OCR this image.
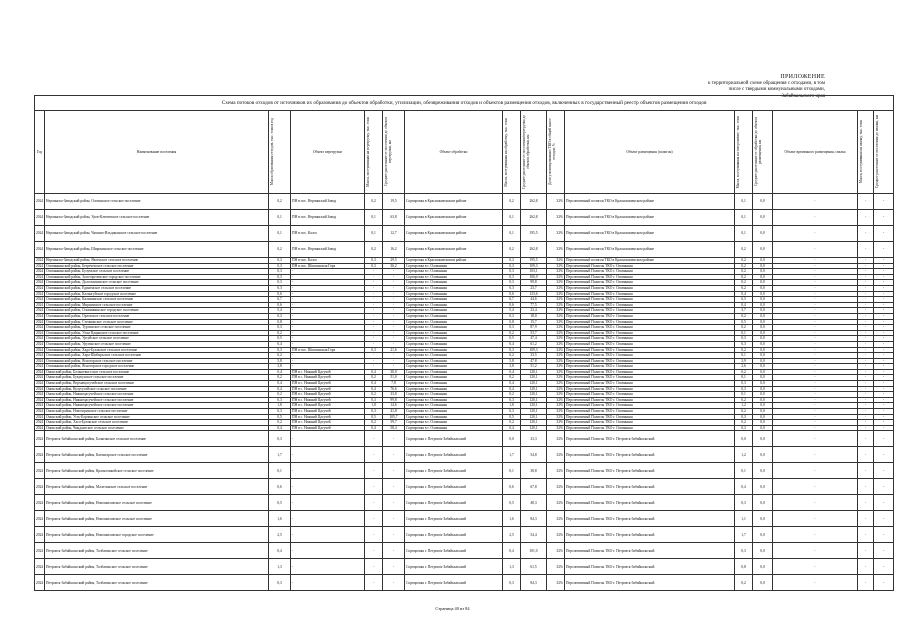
ПРИЛОЖЕНИЕ
к территориальной схеме обращения с отходами, в том
числе с твердыми коммунальными отходами,
Забайкальского края
Схема потоков отходов от источников их образования до объектов обработки, утилизации, обезвреживания отходов и объектов размещения отходов, включенных в государственный реестр объектов размещения отходов															

Год	Наименование поселения	Масса образования отходов, тыс. тонн в год	Объект перегрузки	Масса, поступившая на перегрузку, тыс. тонн	Среднее расстояние от поселения до объекта перегрузки, км	Объект обработки	Масса, поступившая на обработку, тыс. тонн	Среднее расстояние от поселения/перегрузки до объекта обработки, км	Доля утилизированных ТКО в общей массе отходов, %	Объект размещения (полигон)	Масса, поступившая на захоронение, тыс. тонн	Среднее расстояние от обработки до объекта размещения, км	Объект временного размещения, свалка	Масса, поступившая на свалку, тыс. тонн	Среднее расстояние от поселения до свалки, км

2024	Нерчинско-Заводский район, Олочинское сельское поселение	0,2	ПН в пос. Нерчинский Завод	0,2	19,5	Сортировка в Краснокаменском районе	0,2	262,8	32%	Перспективный полигон ТКО в Краснокаменском районе	0,1	0,0	-	-	-
2024	Нерчинско-Заводский район, Уров-Ключевское сельское поселение	0,1	ПН в пос. Нерчинский Завод	0,1	63,8	Сортировка в Краснокаменском районе	0,1	262,8	32%	Перспективный полигон ТКО в Краснокаменском районе	0,1	0,0	-	-	-
2024	Нерчинско-Заводский район, Чашино-Ильдиканское сельское поселение	0,1	ПН в пос. Калга	0,1	12,7	Сортировка в Краснокаменском районе	0,1	195,5	32%	Перспективный полигон ТКО в Краснокаменском районе	0,1	0,0	-	-	-
2024	Нерчинско-Заводский район, Широкинское сельское поселение	0,2	ПН в пос. Нерчинский Завод	0,2	16,2	Сортировка в Краснокаменском районе	0,2	262,8	32%	Перспективный полигон ТКО в Краснокаменском районе	0,2	0,0	-	-	-
2024	Нерчинско-Заводский район, Явленское сельское поселение	0,3	ПН в пос. Калга	0,3	29,5	Сортировка в Краснокаменском районе	0,3	195,5	32%	Перспективный полигон ТКО в Краснокаменском районе	0,2	0,0	-	-	-
2024	Оловяннинский район, Безреченское сельское поселение	0,3	ПН в пос. Шилкинская Гора	0,3	36,2	Сортировка в г. Оловянная	0,3	109,3	32%	Перспективный Полигон ТКО г. Оловянная	0,2	0,0	-	-	-
2024	Оловяннинский район, Булумское сельское поселение	0,3	-	-	-	Сортировка в г. Оловянная	0,3	103,1	32%	Перспективный Полигон ТКО г. Оловянная	0,2	0,0	-	-	-
2024	Оловяннинский район, Золотореченское городское поселение	0,3	-	-	-	Сортировка в г. Оловянная	0,3	106,9	32%	Перспективный Полигон ТКО г. Оловянная	0,2	0,0	-	-	-
2024	Оловяннинский район, Долгокычинское сельское поселение	0,3	-	-	-	Сортировка в г. Оловянная	0,3	99,8	32%	Перспективный Полигон ТКО г. Оловянная	0,2	0,0	-	-	-
2024	Оловяннинский район, Единенское сельское поселение	0,3	-	-	-	Сортировка в г. Оловянная	0,3	23,7	32%	Перспективный Полигон ТКО г. Оловянная	0,2	0,0	-	-	-
2024	Оловяннинский район, Калангуйское городское поселение	0,6	-	-	-	Сортировка в г. Оловянная	0,6	123,6	32%	Перспективный Полигон ТКО г. Оловянная	0,4	0,0	-	-	-
2024	Оловяннинский район, Калининское сельское поселение	0,7	-	-	-	Сортировка в г. Оловянная	0,7	44,6	32%	Перспективный Полигон ТКО г. Оловянная	0,5	0,0	-	-	-
2024	Оловяннинский район, Мирнинское сельское поселение	0,6	-	-	-	Сортировка в г. Оловянная	0,6	77,5	32%	Перспективный Полигон ТКО г. Оловянная	0,4	0,0	-	-	-
2024	Оловяннинский район, Оловяннинское городское поселение	5,4	-	-	-	Сортировка в г. Оловянная	5,4	23,4	32%	Перспективный Полигон ТКО г. Оловянная	3,7	0,0	-	-	-
2024	Оловяннинский район, Орловское сельское поселение	0,3	-	-	-	Сортировка в г. Оловянная	0,3	18,0	32%	Перспективный Полигон ТКО г. Оловянная	0,2	0,0	-	-	-
2024	Оловяннинский район, Степнинское сельское поселение	0,8	-	-	-	Сортировка в г. Оловянная	0,8	15,7	32%	Перспективный Полигон ТКО г. Оловянная	0,5	0,0	-	-	-
2024	Оловяннинский район, Тургинское сельское поселение	0,3	-	-	-	Сортировка в г. Оловянная	0,3	87,9	32%	Перспективный Полигон ТКО г. Оловянная	0,2	0,0	-	-	-
2024	Оловяннинский район, Улан-Цацыкское сельское поселение	0,2	-	-	-	Сортировка в г. Оловянная	0,2	53,7	32%	Перспективный Полигон ТКО г. Оловянная	0,1	0,0	-	-	-
2024	Оловяннинский район, Уртуйское сельское поселение	0,5	-	-	-	Сортировка в г. Оловянная	0,5	47,4	32%	Перспективный Полигон ТКО г. Оловянная	0,3	0,0	-	-	-
2024	Оловяннинский район, Уругинское сельское поселение	0,4	-	-	-	Сортировка в г. Оловянная	0,4	61,2	32%	Перспективный Полигон ТКО г. Оловянная	0,3	0,0	-	-	-
2024	Оловяннинский район, Хада-Булакское сельское поселение	0,3	ПН в пос. Шилкинская Гора	0,3	21,6	Сортировка в г. Оловянная	0,3	109,3	32%	Перспективный Полигон ТКО г. Оловянная	0,2	0,0	-	-	-
2024	Оловяннинский район, Хара-Шибирьское сельское поселение	0,2	-	-	-	Сортировка в г. Оловянная	0,2	33,5	32%	Перспективный Полигон ТКО г. Оловянная	0,1	0,0	-	-	-
2024	Оловяннинский район, Ясногорское сельское поселение	5,8	-	-	-	Сортировка в г. Оловянная	5,8	47,8	32%	Перспективный Полигон ТКО г. Оловянная	3,9	0,0	-	-	-
2024	Оловяннинский район, Ясногорское городское поселение	3,8	-	-	-	Сортировка в г. Оловянная	3,8	51,2	32%	Перспективный Полигон ТКО г. Оловянная	2,6	0,0	-	-	-
2024	Ононский район, Большевистское сельское поселение	0,4	ПН в с. Нижний Цасучей	0,4	30,0	Сортировка в г. Оловянная	0,4	120,1	32%	Перспективный Полигон ТКО г. Оловянная	0,2	0,0	-	-	-
2024	Ононский район, Букукунское сельское поселение	0,2	ПН в с. Нижний Цасучей	0,2	51,0	Сортировка в г. Оловянная	0,2	120,1	32%	Перспективный Полигон ТКО г. Оловянная	0,1	0,0	-	-	-
2024	Ононский район, Верхнецасучейское сельское поселение	0,4	ПН в с. Нижний Цасучей	0,4	7,8	Сортировка в г. Оловянная	0,4	120,1	32%	Перспективный Полигон ТКО г. Оловянная	0,3	0,0	-	-	-
2024	Ононский район, Кулусутайское сельское поселение	0,4	ПН в с. Нижний Цасучей	0,4	76,6	Сортировка в г. Оловянная	0,4	120,1	32%	Перспективный Полигон ТКО г. Оловянная	0,3	0,0	-	-	-
2024	Ононский район, Нижнецасучейское сельское поселение	0,2	ПН в с. Нижний Цасучей	0,2	33,8	Сортировка в г. Оловянная	0,2	120,1	32%	Перспективный Полигон ТКО г. Оловянная	0,1	0,0	-	-	-
2024	Ононский район, Нижнецасучейское сельское поселение	0,3	ПН в с. Нижний Цасучей	0,3	99,8	Сортировка в г. Оловянная	0,3	120,1	32%	Перспективный Полигон ТКО г. Оловянная	0,2	0,0	-	-	-
2024	Ононский район, Нижнецасучейское сельское поселение	1,8	ПН в с. Нижний Цасучей	1,8	14,6	Сортировка в г. Оловянная	1,8	120,1	32%	Перспективный Полигон ТКО г. Оловянная	1,2	0,0	-	-	-
2024	Ононский район, Новозоринское сельское поселение	0,3	ПН в с. Нижний Цасучей	0,3	41,8	Сортировка в г. Оловянная	0,3	120,1	32%	Перспективный Полигон ТКО г. Оловянная	0,2	0,0	-	-	-
2024	Ононский район, Усть-Борзинское сельское поселение	0,5	ПН в с. Нижний Цасучей	0,5	105,7	Сортировка в г. Оловянная	0,5	120,1	32%	Перспективный Полигон ТКО г. Оловянная	0,3	0,0	-	-	-
2024	Ононский район, Хаса-Булакское сельское поселение	0,2	ПН в с. Нижний Цасучей	0,2	59,7	Сортировка в г. Оловянная	0,2	120,1	32%	Перспективный Полигон ТКО г. Оловянная	0,2	0,0	-	-	-
2024	Ононский район, Чиндантское сельское поселение	0,4	ПН в с. Нижний Цасучей	0,4	58,4	Сортировка в г. Оловянная	0,4	120,1	32%	Перспективный Полигон ТКО г. Оловянная	0,3	0,0	-	-	-
2024	Петровск-Забайкальский район, Балягинское сельское поселение	0,3	-	-	-	Сортировка г. Петровск-Забайкальский	0,0	23,3	32%	Перспективный Полигон ТКО г. Петровск-Забайкальский	0,0	0,0	-	-	-
2024	Петровск-Забайкальский район, Катангарское сельское поселение	1,7	-	-	-	Сортировка г. Петровск-Забайкальский	1,7	54,8	32%	Перспективный Полигон ТКО г. Петровск-Забайкальский	1,2	0,0	-	-	-
2024	Петровск-Забайкальский район, Красночикойское сельское поселение	0,1	-	-	-	Сортировка г. Петровск-Забайкальский	0,1	38,8	32%	Перспективный Полигон ТКО г. Петровск-Забайкальский	0,1	0,0	-	-	-
2024	Петровск-Забайкальский район, Малетинское сельское поселение	0,6	-	-	-	Сортировка г. Петровск-Забайкальский	0,6	67,8	32%	Перспективный Полигон ТКО г. Петровск-Забайкальский	0,4	0,0	-	-	-
2024	Петровск-Забайкальский район, Новопавловское сельское поселение	0,5	-	-	-	Сортировка г. Петровск-Забайкальский	0,5	48,3	32%	Перспективный Полигон ТКО г. Петровск-Забайкальский	0,3	0,0	-	-	-
2024	Петровск-Забайкальский район, Новопавловское сельское поселение	1,6	-	-	-	Сортировка г. Петровск-Забайкальский	1,6	84,3	32%	Перспективный Полигон ТКО г. Петровск-Забайкальский	1,1	0,0	-	-	-
2024	Петровск-Забайкальский район, Новопавловское городское поселение	2,5	-	-	-	Сортировка г. Петровск-Забайкальский	2,5	54,4	32%	Перспективный Полигон ТКО г. Петровск-Забайкальский	1,7	0,0	-	-	-
2024	Петровск-Забайкальский район, Толбагинское сельское поселение	0,4	-	-	-	Сортировка г. Петровск-Забайкальский	0,4	101,0	32%	Перспективный Полигон ТКО г. Петровск-Забайкальский	0,3	0,0	-	-	-
2024	Петровск-Забайкальский район, Толбагинское сельское поселение	1,3	-	-	-	Сортировка г. Петровск-Забайкальский	1,3	61,5	32%	Перспективный Полигон ТКО г. Петровск-Забайкальский	0,8	0,0	-	-	-
2024	Петровск-Забайкальский район, Толбагинское сельское поселение	0,3	-	-	-	Сортировка г. Петровск-Забайкальский	0,3	84,3	32%	Перспективный Полигон ТКО г. Петровск-Забайкальский	0,2	0,0	-	-	-
Страница 40 из 84
